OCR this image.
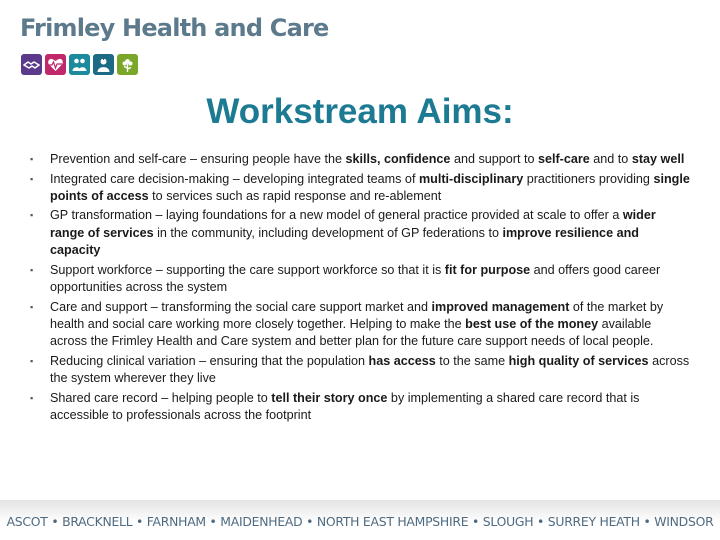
Frimley Health and Care
Workstream Aims:
▪ Prevention and self-care – ensuring people have the skills, confidence and support to self-care and to stay well
▪ Integrated care decision-making – developing integrated teams of multi-disciplinary practitioners providing single points of access to services such as rapid response and re-ablement
▪ GP transformation – laying foundations for a new model of general practice provided at scale to offer a wider range of services in the community, including development of GP federations to improve resilience and capacity
▪ Support workforce – supporting the care support workforce so that it is fit for purpose and offers good career opportunities across the system
▪ Care and support – transforming the social care support market and improved management of the market by health and social care working more closely together. Helping to make the best use of the money available across the Frimley Health and Care system and better plan for the future care support needs of local people.
▪ Reducing clinical variation – ensuring that the population has access to the same high quality of services across the system wherever they live
▪ Shared care record – helping people to tell their story once by implementing a shared care record that is accessible to professionals across the footprint
ASCOT • BRACKNELL • FARNHAM • MAIDENHEAD • NORTH EAST HAMPSHIRE • SLOUGH • SURREY HEATH • WINDSOR
